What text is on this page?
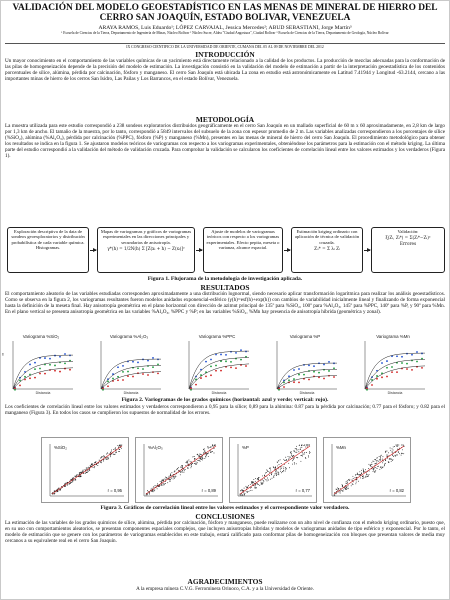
VALIDACIÓN DEL MODELO GEOESTADÍSTICO EN LAS MENAS DE MINERAL DE HIERRO DEL CERRO SAN JOAQUÍN, ESTADO BOLIVAR, VENEZUELA
ARAYA RAMOS, Luis Eduardo¹; LÓPEZ CARVAJAL, Jessica Mercedes²; ABUD SEBASTIANI, Jorge Martín³
¹ Escuela de Ciencias de la Tierra, Departamento de Ingeniería de Minas, Núcleo Bolívar ² Núcleo Sucre, Aldea "Ciudad Angostura", Ciudad Bolívar ³ Escuela de Ciencias de la Tierra, Departamento de Geología, Núcleo Bolívar
IX CONGRESO CIENTIFICO DE LA UNIVERSIDAD DE ORIENTE, CUMANA DEL 05 AL 09 DE NOVIEMBRE DEL 2012
INTRODUCCIÓN
Un mayor conocimiento en el comportamiento de las variables químicas de un yacimiento está directamente relacionado a la calidad de los productos. La producción de mezclas adecuadas para la conformación de las pilas de homogeneización depende de la precisión del modelo de estimación. La investigación consistió en la validación del modelo de estimación a partir de la interpretación geoestadística de los contenidos porcentuales de sílice, alúmina, pérdida por calcinación, fósforo y manganeso. El cerro San Joaquín está ubicada La zona en estudio está astronómicamente en Latitud 7.41944 y Longitud -63.2144, cercano a las importantes minas de hierro de los cerros San Isidro, Las Pailas y Los Barrancos, en el estado Bolívar, Venezuela.
METODOLOGÍA
La muestra utilizada para este estudio correspondió a 238 sondeos exploratorios distribuidos geográficamente en el cerro San Joaquín en un mallado superficial de 60 m x 60 aproximadamente, en 2,8 km de largo por 1,3 km de ancho. El tamaño de la muestra, por lo tanto, correspondió a 5849 intervalos del subsuelo de la zona con espesor promedio de 2 m. Las variables analizadas correspondieron a los porcentajes de sílice (%SiO₂), alúmina (%Al₂O₃), pérdida por calcinación (%PPC), fósforo (%P) y manganeso (%Mn), presentes en las menas de mineral de hierro del cerro San Joaquín. El procedimiento metodológico para obtener los resultados se indica en la figura 1. Se ajustaron modelos teóricos de variogramas con respecto a los variogramas experimentales, obteniéndose los parámetros para la estimación con el método kriging. La última parte del estudio correspondió a la validación del método de validación cruzada. Para comprobar la validación se calcularon los coeficientes de correlación lineal entre los valores estimados y los verdaderos (Figura 1).
Exploración descriptiva de la data de sondeos geoexploratorios y distribución probabilística de cada variable química. Histogramas.
Mapas de variogramas y gráficos de variogramas experimentales en las direcciones principales y secundarias de anisotropía.
γ*(h) = 1/2N(h) Σ [Z(xᵢ + h) − Z(xᵢ)]²
Ajuste de modelos de variogramas teóricos con respecto a los variogramas experimentales. Efecto pepita, meseta o varianza, alcance espacial.
Estimación kriging ordinario con aplicación de técnica de validación cruzada.
Zₒ* = Σ λᵢ Zᵢ
Validación:
ξ(Zᵢ, Zᵢ*) = Σ(Zᵢ*−Zᵢ)²
Errores
Figura 1. Flujorama de la metodología de investigación aplicada.
RESULTADOS
El comportamiento aleatorio de las variables estudiadas corresponden aproximadamente a una distribución lognormal, siendo necesario aplicar transformación logarítmica para realizar los análisis geoestadísticos. Como se observa en la figura 2, los variogramas resultantes fueron modelos anidados exponencial-esférico (γ(h)=esf(h)+exp(h)) con cambios de variabilidad inicialmente lineal y finalizando de forma exponencial hasta la definición de la meseta final. Hay anisotropía geométrica en el plano horizontal con dirección de azimut principal de 135º para %SiO₂, 100º para %Al₂O₃, 145º para %PPC, 140º para %P, y 90º para %Mn. En el plano vertical se presenta anisotropía geométrica en las variables %Al₂O₃, %PPC y %P; en las variables %SiO₂, %Mn hay presencia de anisotropía híbrida (geométrica y zonal).
γ
Variograma %SiO₂
Distancia
Variograma %Al₂O₃
Distancia
Variograma %PPC
Distancia
Variograma %P
Distancia
Variograma %Mn
Distancia
Figura 2. Variogramas de los grados químicos (horizontal: azul y verde; vertical: rojo).
Los coeficientes de correlación lineal entre los valores estimados y verdaderos correspondieron a 0,95 para la sílice; 0,89 para la alúmina: 0.87 para la pérdida por calcinación; 0.77 para el fósforo; y 0.82 para el manganeso (Figura 3). En todos los casos se cumplieron los supuestos de normalidad de los errores.
%SiO₂
r = 0,95
%Al₂O₃
r = 0,89
%P
r = 0,77
%Mn
r = 0,82
Figura 3. Gráficos de correlación lineal entre los valores estimados y el correspondiente valor verdadero.
CONCLUSIONES
La estimación de las variables de los grados químicos de sílice, alúmina, pérdida por calcinación, fósforo y manganeso, puede realizarse con un alto nivel de confianza con el método kriging ordinario, puesto que, en su uso con comportamientos aleatorios, se presentan componentes espaciales complejos, que incluyen anisotropías híbridas y modelos de variogramas anidados de tipo esférico y exponencial. Por lo tanto, el modelo de estimación que se genere con los parámetros de variogramas establecidos en este trabajo, estará calificado para conformar pilas de homogeneización con bloques que presentan valores de media muy cercanos a su equivalente real en el cerro San Joaquín.
AGRADECIMIENTOS
A la empresa minera C.V.G. Ferrominera Orinoco, C.A. y a la Universidad de Oriente.
